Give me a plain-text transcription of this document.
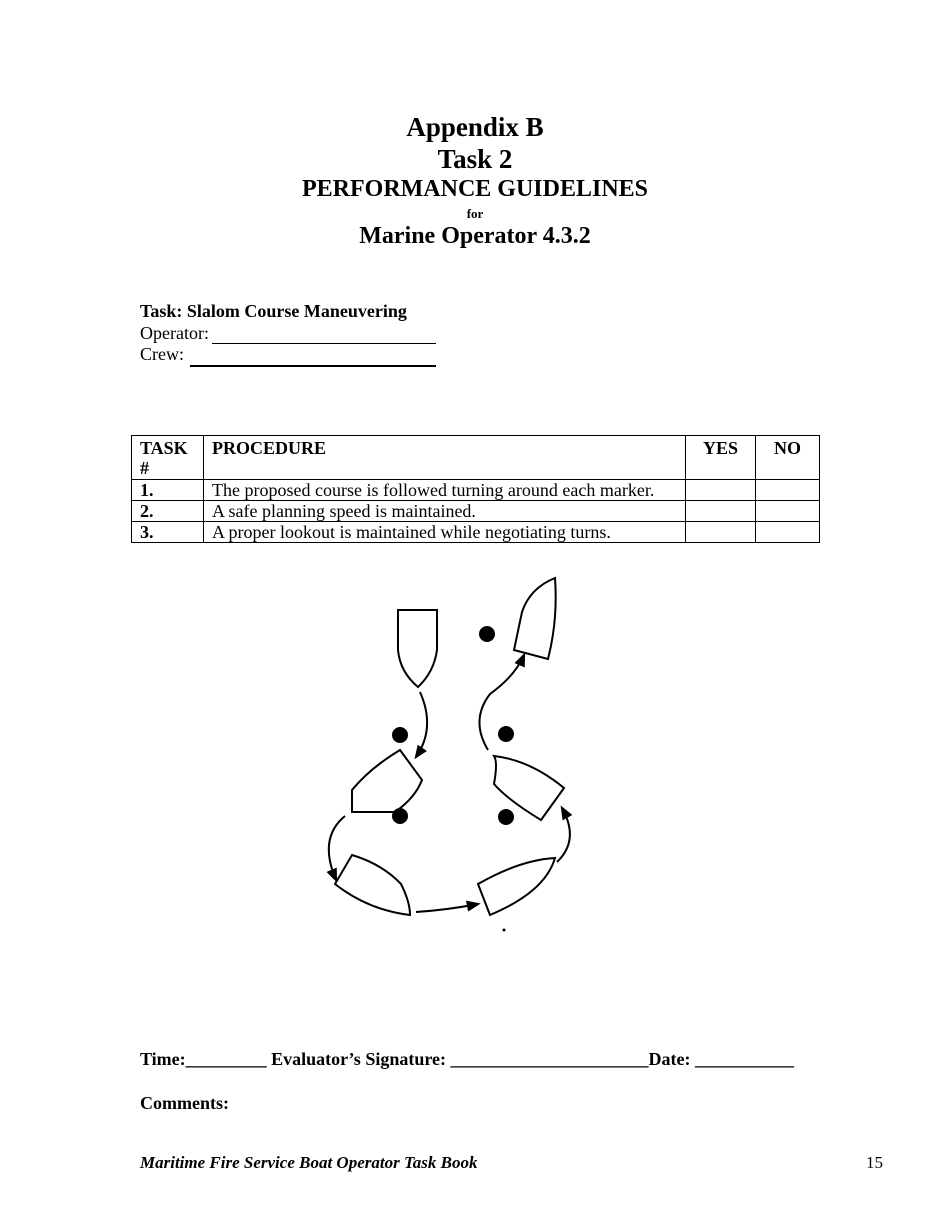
Appendix B
Task 2
PERFORMANCE GUIDELINES
for
Marine Operator 4.3.2
Task: Slalom Course Maneuvering
Operator:
Crew:
TASK #	PROCEDURE	YES	NO
1.	The proposed course is followed turning around each marker.		
2.	A safe planning speed is maintained.		
3.	A proper lookout is maintained while negotiating turns.		
Time:_________ Evaluator’s Signature: ______________________Date: ___________
Comments:
Maritime Fire Service Boat Operator Task Book	15
